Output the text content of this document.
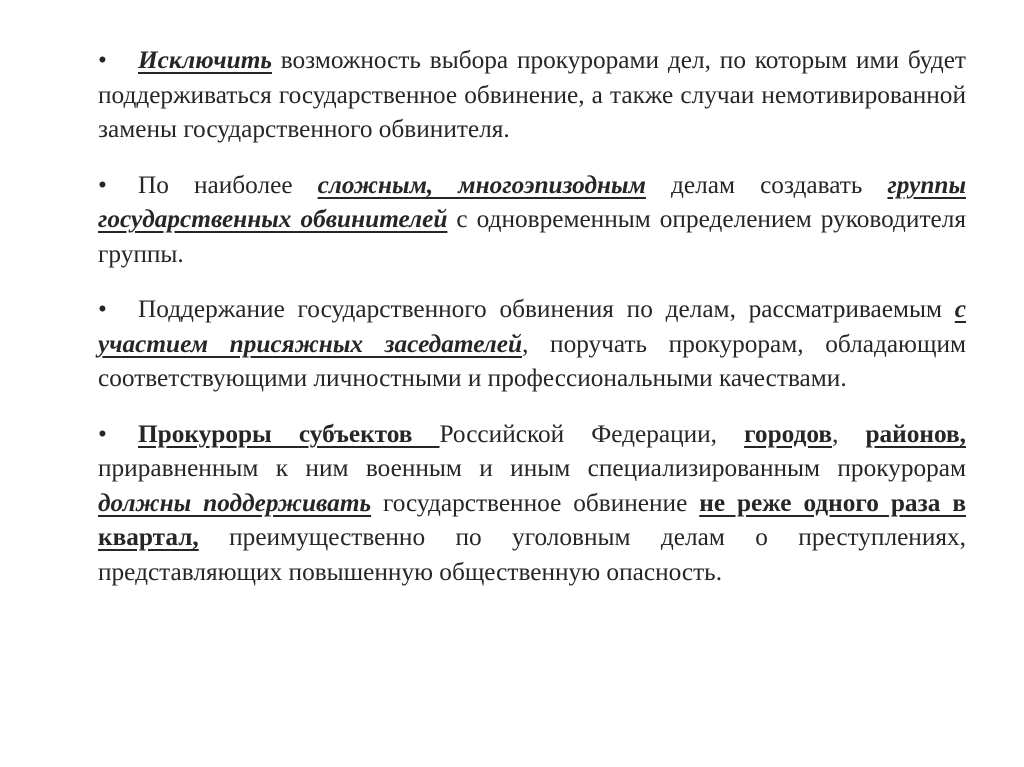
•	Исключить возможность выбора прокурорами дел, по которым ими будет поддерживаться государственное обвинение, а также случаи немотивированной замены государственного обвинителя.

•	По наиболее сложным, многоэпизодным делам создавать группы государственных обвинителей с одновременным определением руководителя группы.

•	Поддержание государственного обвинения по делам, рассматриваемым с участием присяжных заседателей, поручать прокурорам, обладающим соответствующими личностными и профессиональными качествами.

•	Прокуроры субъектов Российской Федерации, городов, районов, приравненным к ним военным и иным специализированным прокурорам должны поддерживать государственное обвинение не реже одного раза в квартал, преимущественно по уголовным делам о преступлениях, представляющих повышенную общественную опасность.
